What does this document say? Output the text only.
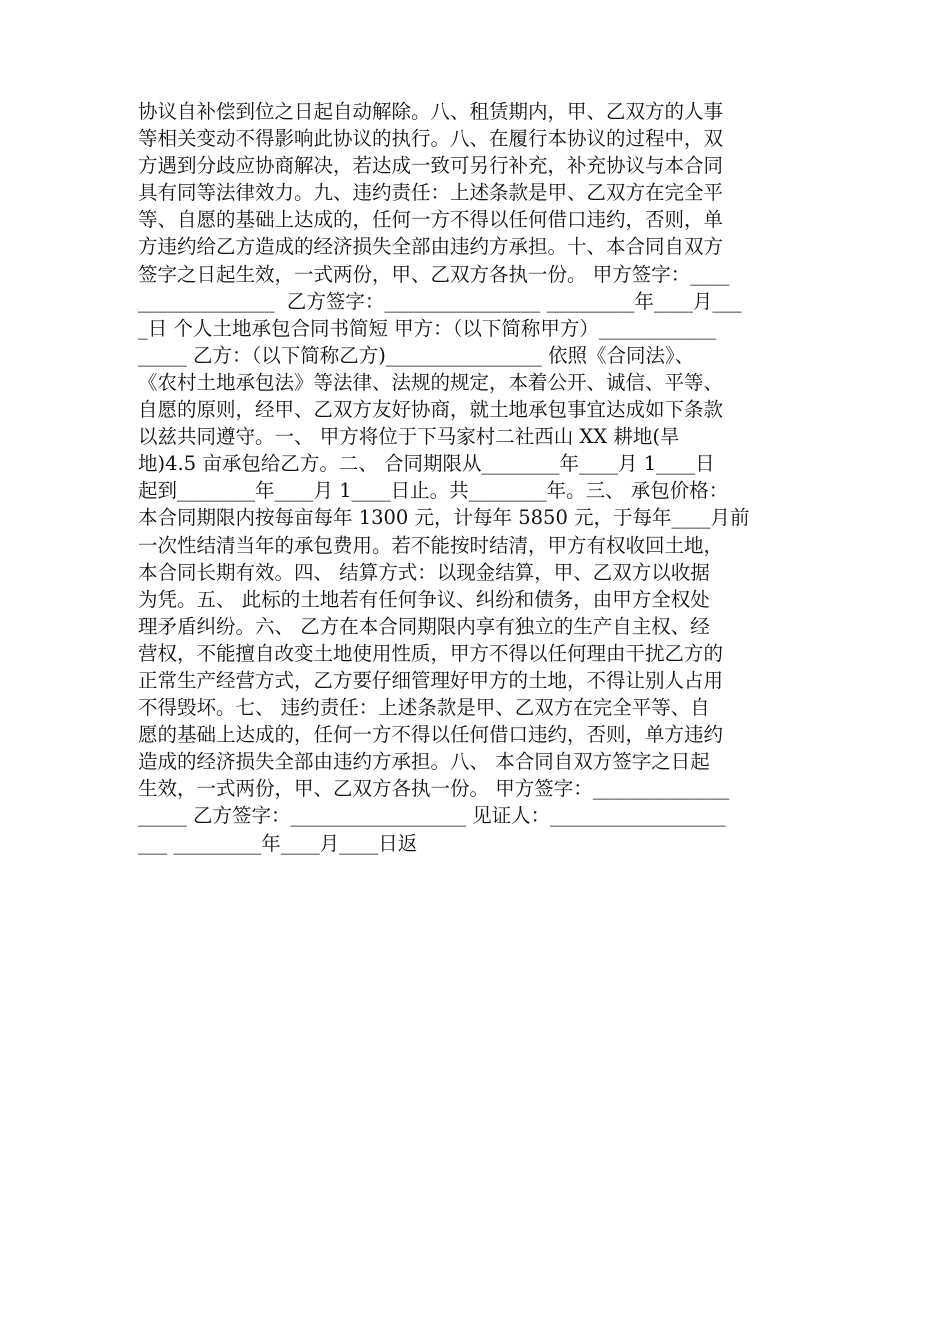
协议自补偿到位之日起自动解除。八、租赁期内，甲、乙双方的人事
等相关变动不得影响此协议的执行。八、在履行本协议的过程中，双
方遇到分歧应协商解决，若达成一致可另行补充，补充协议与本合同
具有同等法律效力。九、违约责任：上述条款是甲、乙双方在完全平
等、自愿的基础上达成的，任何一方不得以任何借口违约，否则，单
方违约给乙方造成的经济损失全部由违约方承担。十、本合同自双方
签字之日起生效，一式两份，甲、乙双方各执一份。 甲方签字：____
______________  乙方签字：________________ _________年____月___
_日 个人土地承包合同书简短 甲方：（以下简称甲方）____________
_____ 乙方：（以下简称乙方)________________ 依照《合同法》、
《农村土地承包法》等法律、法规的规定，本着公开、诚信、平等、
自愿的原则，经甲、乙双方友好协商，就土地承包事宜达成如下条款
以兹共同遵守。一、 甲方将位于下马家村二社西山 XX 耕地(旱
地)4.5 亩承包给乙方。二、 合同期限从________年____月 1____日
起到________年____月 1____日止。共________年。三、 承包价格：
本合同期限内按每亩每年 1300 元，计每年 5850 元，于每年____月前
一次性结清当年的承包费用。若不能按时结清，甲方有权收回土地，
本合同长期有效。四、 结算方式：以现金结算，甲、乙双方以收据
为凭。五、 此标的土地若有任何争议、纠纷和债务，由甲方全权处
理矛盾纠纷。六、 乙方在本合同期限内享有独立的生产自主权、经
营权，不能擅自改变土地使用性质，甲方不得以任何理由干扰乙方的
正常生产经营方式，乙方要仔细管理好甲方的土地，不得让别人占用
不得毁坏。七、 违约责任：上述条款是甲、乙双方在完全平等、自
愿的基础上达成的，任何一方不得以任何借口违约，否则，单方违约
造成的经济损失全部由违约方承担。八、 本合同自双方签字之日起
生效，一式两份，甲、乙双方各执一份。 甲方签字：______________
_____ 乙方签字：__________________ 见证人：__________________
___ _________年____月____日返
